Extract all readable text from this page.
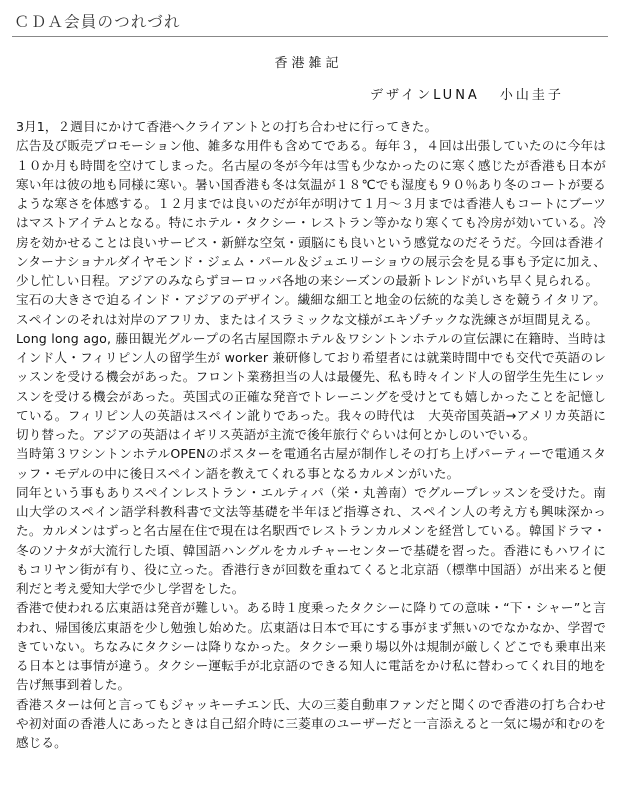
ＣＤＡ会員のつれづれ
香港雑記
デザインLUNA 小山圭子

3月1，２週目にかけて香港へクライアントとの打ち合わせに行ってきた。

広告及び販売プロモーション他、雑多な用件も含めてである。毎年３，４回は出張していたのに今年は１０か月も時間を空けてしまった。名古屋の冬が今年は雪も少なかったのに寒く感じたが香港も日本が寒い年は彼の地も同様に寒い。暑い国香港も冬は気温が１８℃でも湿度も９０％あり冬のコートが要るような寒さを体感する。１２月までは良いのだが年が明けて１月〜３月までは香港人もコートにブーツはマストアイテムとなる。特にホテル・タクシー・レストラン等かなり寒くても冷房が効いている。冷房を効かせることは良いサービス・新鮮な空気・頭脳にも良いという感覚なのだそうだ。今回は香港インターナショナルダイヤモンド・ジェム・パール＆ジュエリーショウの展示会を見る事も予定に加え、少し忙しい日程。アジアのみならずヨーロッパ各地の来シーズンの最新トレンドがいち早く見られる。

宝石の大きさで迫るインド・アジアのデザイン。繊細な細工と地金の伝統的な美しさを競うイタリア。スペインのそれは対岸のアフリカ、またはイスラミックな文様がエキゾチックな洗練さが垣間見える。

Long long ago, 藤田観光グループの名古屋国際ホテル＆ワシントンホテルの宣伝課に在籍時、当時はインド人・フィリピン人の留学生が worker 兼研修しており希望者には就業時間中でも交代で英語のレッスンを受ける機会があった。フロント業務担当の人は最優先、私も時々インド人の留学生先生にレッスンを受ける機会があった。英国式の正確な発音でトレーニングを受けとても嬉しかったことを記憶している。フィリピン人の英語はスペイン訛りであった。我々の時代は　大英帝国英語→アメリカ英語に切り替った。アジアの英語はイギリス英語が主流で後年旅行ぐらいは何とかしのいでいる。

当時第３ワシントンホテルOPENのポスターを電通名古屋が制作しその打ち上げパーティーで電通スタッフ・モデルの中に後日スペイン語を教えてくれる事となるカルメンがいた。

同年という事もありスペインレストラン・エルティパ（栄・丸善南）でグループレッスンを受けた。南山大学のスペイン語学科教科書で文法等基礎を半年ほど指導され、スペイン人の考え方も興味深かった。カルメンはずっと名古屋在住で現在は名駅西でレストランカルメンを経営している。韓国ドラマ・冬のソナタが大流行した頃、韓国語ハングルをカルチャーセンターで基礎を習った。香港にもハワイにもコリヤン街が有り、役に立った。香港行きが回数を重ねてくると北京語（標準中国語）が出来ると便利だと考え愛知大学で少し学習をした。

香港で使われる広東語は発音が難しい。ある時１度乗ったタクシーに降りての意味・“下・シャー”と言われ、帰国後広東語を少し勉強し始めた。広東語は日本で耳にする事がまず無いのでなかなか、学習できていない。ちなみにタクシーは降りなかった。タクシー乗り場以外は規制が厳しくどこでも乗車出来る日本とは事情が違う。タクシー運転手が北京語のできる知人に電話をかけ私に替わってくれ目的地を告げ無事到着した。

香港スターは何と言ってもジャッキーチエン氏、大の三菱自動車ファンだと聞くので香港の打ち合わせや初対面の香港人にあったときは自己紹介時に三菱車のユーザーだと一言添えると一気に場が和むのを感じる。
